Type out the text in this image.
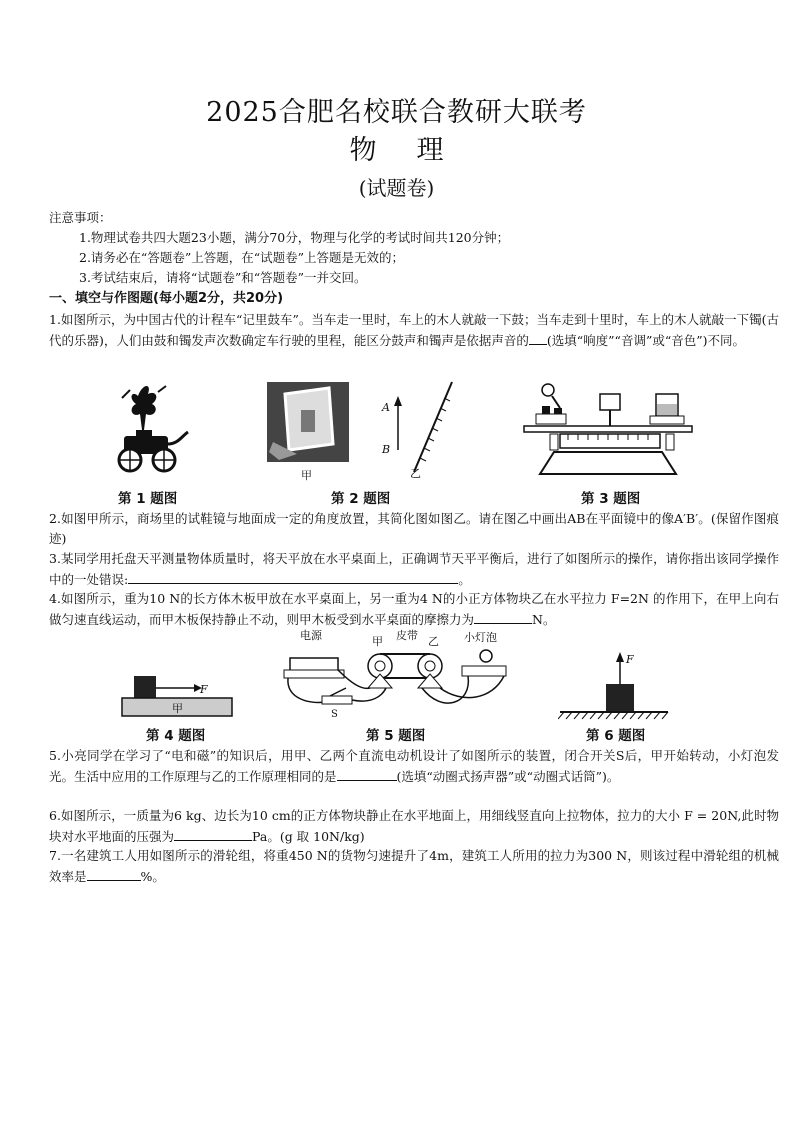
2025合肥名校联合教研大联考
物 理
(试题卷)
注意事项：
1.物理试卷共四大题23小题，满分70分，物理与化学的考试时间共120分钟；
2.请务必在“答题卷”上答题，在“试题卷”上答题是无效的；
3.考试结束后，请将“试题卷”和“答题卷”一并交回。
一、填空与作图题(每小题2分，共20分)
1.如图所示，为中国古代的计程车“记里鼓车”。当车走一里时，车上的木人就敲一下鼓；当车走到十里时，车上的木人就敲一下镯(古代的乐器)，人们由鼓和镯发声次数确定车行驶的里程，能区分鼓声和镯声是依据声音的 (选填“响度”“音调”或“音色”)不同。
第 1 题图
甲
A
B
乙
第 2 题图	第 3 题图
2.如图甲所示，商场里的试鞋镜与地面成一定的角度放置，其简化图如图乙。请在图乙中画出AB在平面镜中的像A′B′。(保留作图痕迹)
3.某同学用托盘天平测量物体质量时，将天平放在水平桌面上，正确调节天平平衡后，进行了如图所示的操作，请你指出该同学操作中的一处错误:	。
4.如图所示，重为10 N的长方体木板甲放在水平桌面上，另一重为4 N的小正方体物块乙在水平拉力 F=2N 的作用下，在甲上向右做匀速直线运动，而甲木板保持静止不动，则甲木板受到水平桌面的摩擦力为	N。
F
甲
第 4 题图
电源	甲 皮带 乙 小灯泡
S
第 5 题图
F
第 6 题图
5.小亮同学在学习了“电和磁”的知识后，用甲、乙两个直流电动机设计了如图所示的装置，闭合开关S后，甲开始转动，小灯泡发光。生活中应用的工作原理与乙的工作原理相同的是	(选填“动圈式扬声器”或“动圈式话筒”)。
6.如图所示，一质量为6 kg、边长为10 cm的正方体物块静止在水平地面上，用细线竖直向上拉物体，拉力的大小 F = 20N,此时物块对水平地面的压强为	Pa。(g 取 10N/kg)
7.一名建筑工人用如图所示的滑轮组，将重450 N的货物匀速提升了4m，建筑工人所用的拉力为300 N，则该过程中滑轮组的机械效率是	%。
